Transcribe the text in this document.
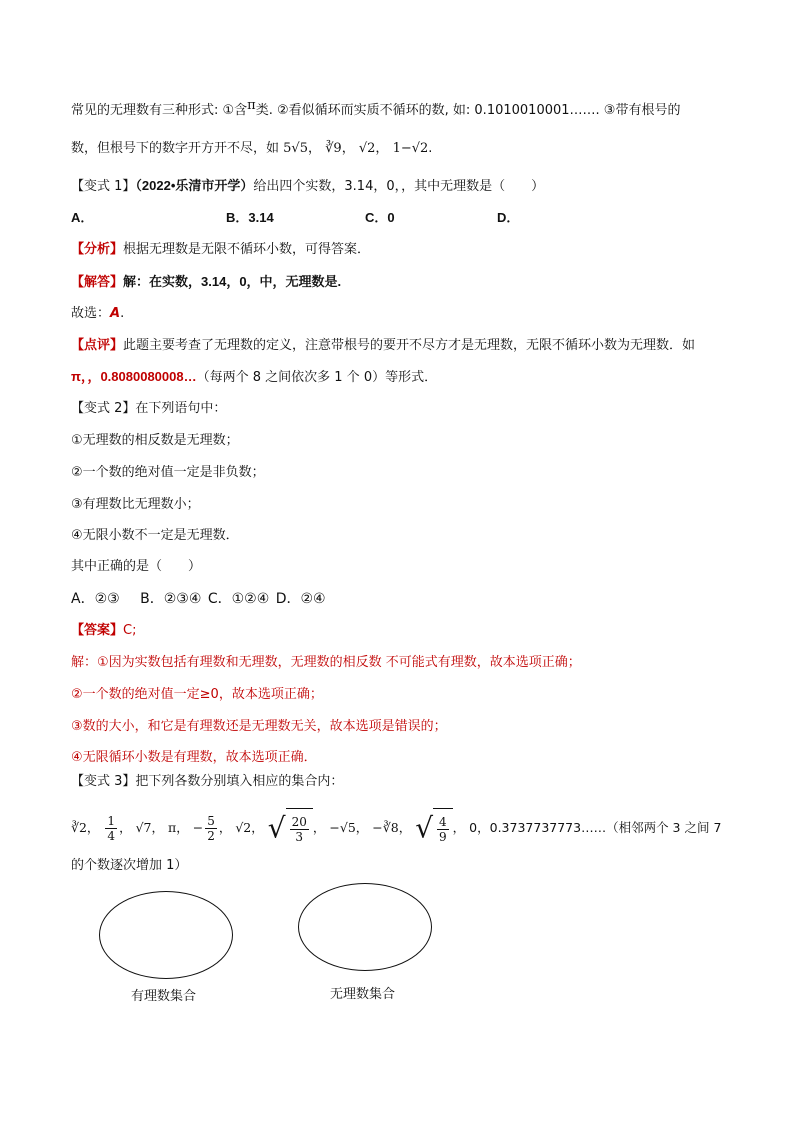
常见的无理数有三种形式: ①含π类. ②看似循环而实质不循环的数, 如: 0.1010010001……. ③带有根号的
数，但根号下的数字开方开不尽，如 5√5， ∛9， √2， 1−√2.
【变式 1】（2022•乐清市开学）给出四个实数，3.14，0，，其中无理数是（　　）
A．	B．3.14	C．0	D．
【分析】根据无理数是无限不循环小数，可得答案．
【解答】解：在实数，3.14，0，中，无理数是.
故选：A.
【点评】此题主要考查了无理数的定义，注意带根号的要开不尽方才是无理数，无限不循环小数为无理数．如
π，，0.8080080008…（每两个 8 之间依次多 1 个 0）等形式．
【变式 2】在下列语句中：
①无理数的相反数是无理数；
②一个数的绝对值一定是非负数；
③有理数比无理数小；
④无限小数不一定是无理数．
其中正确的是（　　）
A．②③　 B．②③④ C．①②④ D．②④
【答案】C;
解：①因为实数包括有理数和无理数，无理数的相反数 不可能式有理数，故本选项正确；
②一个数的绝对值一定≥0，故本选项正确；
③数的大小，和它是有理数还是无理数无关，故本选项是错误的；
④无限循环小数是有理数，故本选项正确．
【变式 3】把下列各数分别填入相应的集合内：
∛2， $\frac{1}{4}$ ， √7， π， − $\frac{5}{2}$ ， √2， √ $\frac{20}{3}$ ， −√5， −∛8， √ $\frac{4}{9}$ ， 0，0.3737737773……（相邻两个 3 之间 7
的个数逐次增加 1）
有理数集合	无理数集合
